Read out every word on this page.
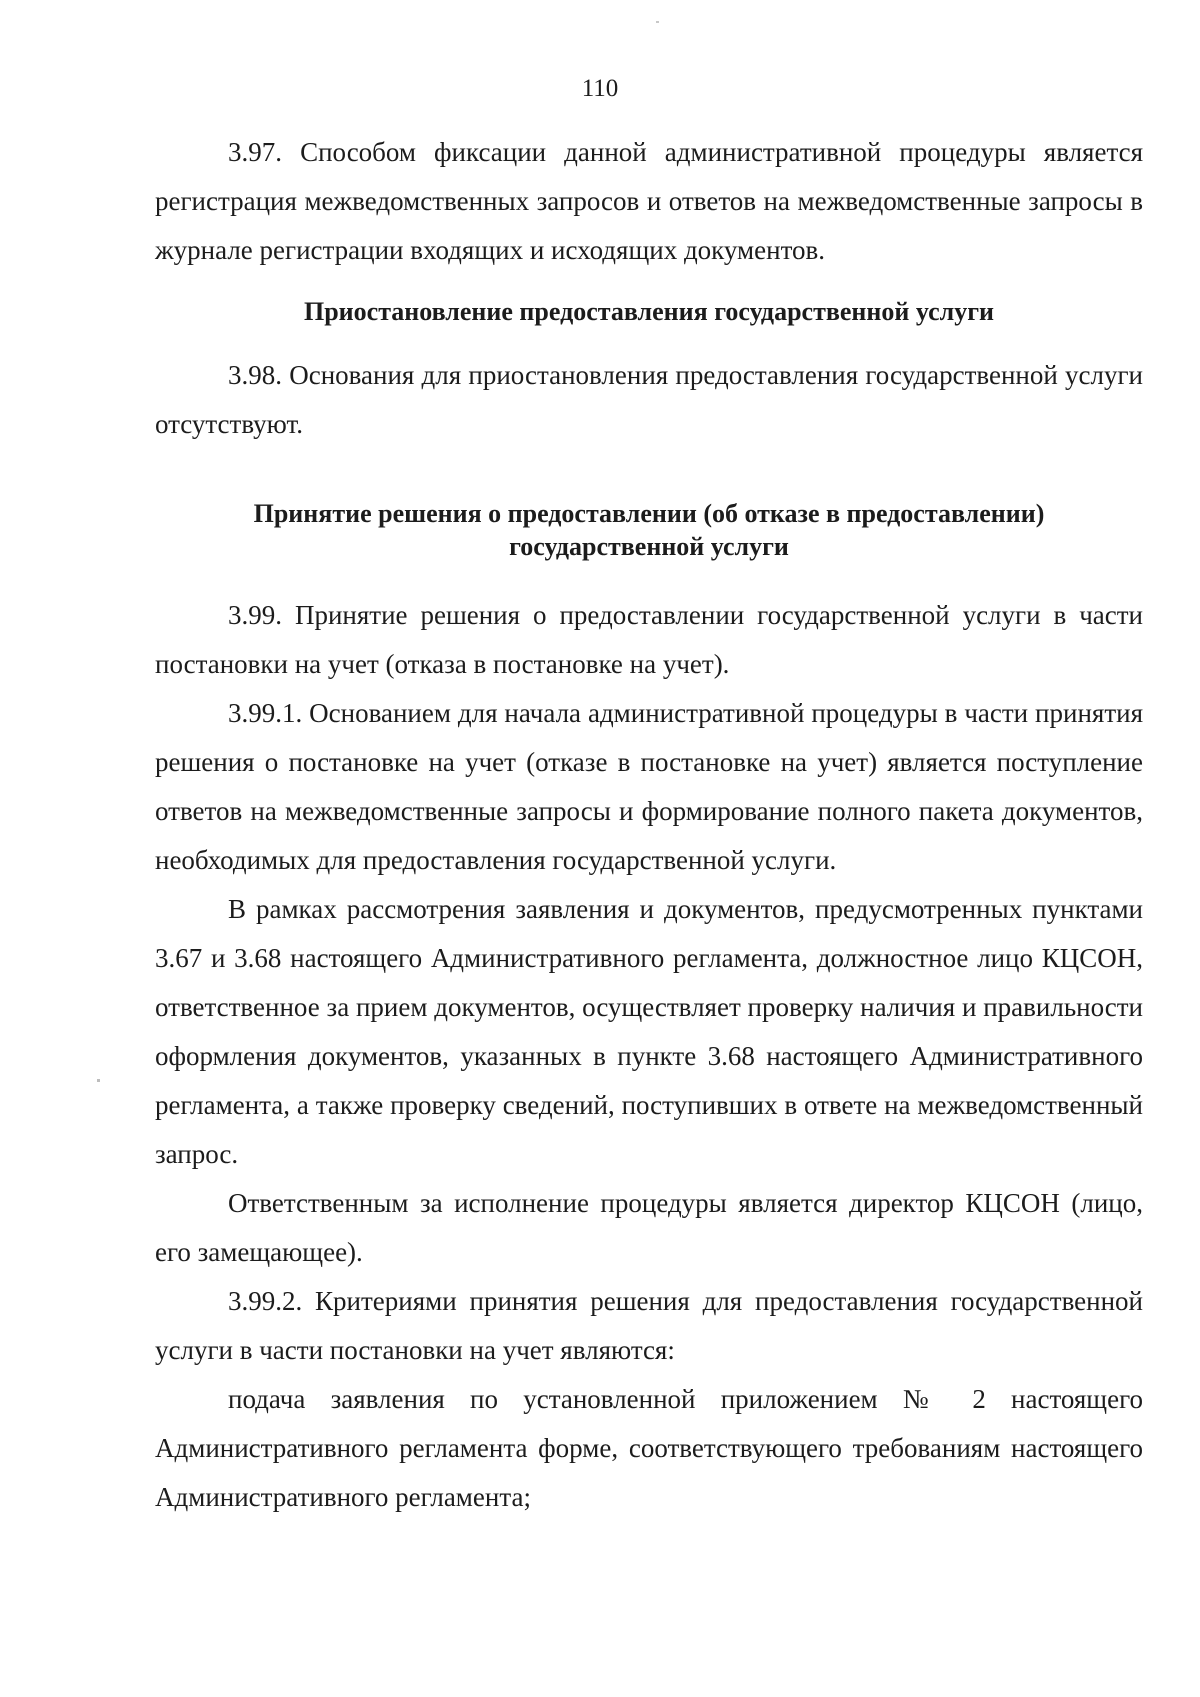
110

3.97. Способом фиксации данной административной процедуры является регистрация межведомственных запросов и ответов на межведомственные запросы в журнале регистрации входящих и исходящих документов.

Приостановление предоставления государственной услуги

3.98. Основания для приостановления предоставления государственной услуги отсутствуют.

Принятие решения о предоставлении (об отказе в предоставлении)
государственной услуги

3.99. Принятие решения о предоставлении государственной услуги в части постановки на учет (отказа в постановке на учет).

3.99.1. Основанием для начала административной процедуры в части принятия решения о постановке на учет (отказе в постановке на учет) является поступление ответов на межведомственные запросы и формирование полного пакета документов, необходимых для предоставления государственной услуги.

В рамках рассмотрения заявления и документов, предусмотренных пунктами 3.67 и 3.68 настоящего Административного регламента, должностное лицо КЦСОН, ответственное за прием документов, осуществляет проверку наличия и правильности оформления документов, указанных в пункте 3.68 настоящего Административного регламента, а также проверку сведений, поступивших в ответе на межведомственный запрос.

Ответственным за исполнение процедуры является директор КЦСОН (лицо, его замещающее).

3.99.2. Критериями принятия решения для предоставления государственной услуги в части постановки на учет являются:

подача заявления по установленной приложением № 2 настоящего Административного регламента форме, соответствующего требованиям настоящего Административного регламента;
